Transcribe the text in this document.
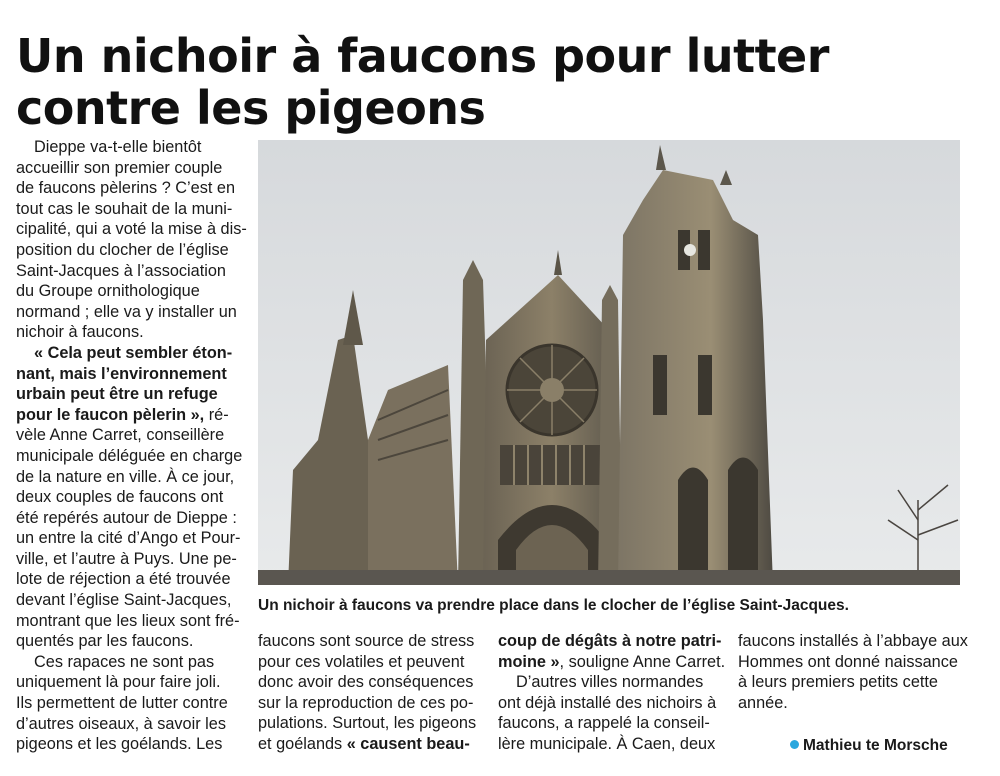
Un nichoir à faucons pour lutter contre les pigeons
Dieppe va-t-elle bientôt
accueillir son premier couple
de faucons pèlerins ? C’est en
tout cas le souhait de la muni-
cipalité, qui a voté la mise à dis-
position du clocher de l’église
Saint-Jacques à l’association
du Groupe ornithologique
normand ; elle va y installer un
nichoir à faucons.
« Cela peut sembler éton-
nant, mais l’environnement
urbain peut être un refuge
pour le faucon pèlerin », ré-
vèle Anne Carret, conseillère
municipale déléguée en charge
de la nature en ville. À ce jour,
deux couples de faucons ont
été repérés autour de Dieppe :
un entre la cité d’Ango et Pour-
ville, et l’autre à Puys. Une pe-
lote de réjection a été trouvée
devant l’église Saint-Jacques,
montrant que les lieux sont fré-
quentés par les faucons.
Ces rapaces ne sont pas
uniquement là pour faire joli.
Ils permettent de lutter contre
d’autres oiseaux, à savoir les
pigeons et les goélands. Les

Un nichoir à faucons va prendre place dans le clocher de l’église Saint-Jacques.

faucons sont source de stress
pour ces volatiles et peuvent
donc avoir des conséquences
sur la reproduction de ces po-
pulations. Surtout, les pigeons
et goélands « causent beau-
coup de dégâts à notre patri-
moine », souligne Anne Carret.
D’autres villes normandes
ont déjà installé des nichoirs à
faucons, a rappelé la conseil-
lère municipale. À Caen, deux
faucons installés à l’abbaye aux
Hommes ont donné naissance
à leurs premiers petits cette
année.
Mathieu te Morsche
